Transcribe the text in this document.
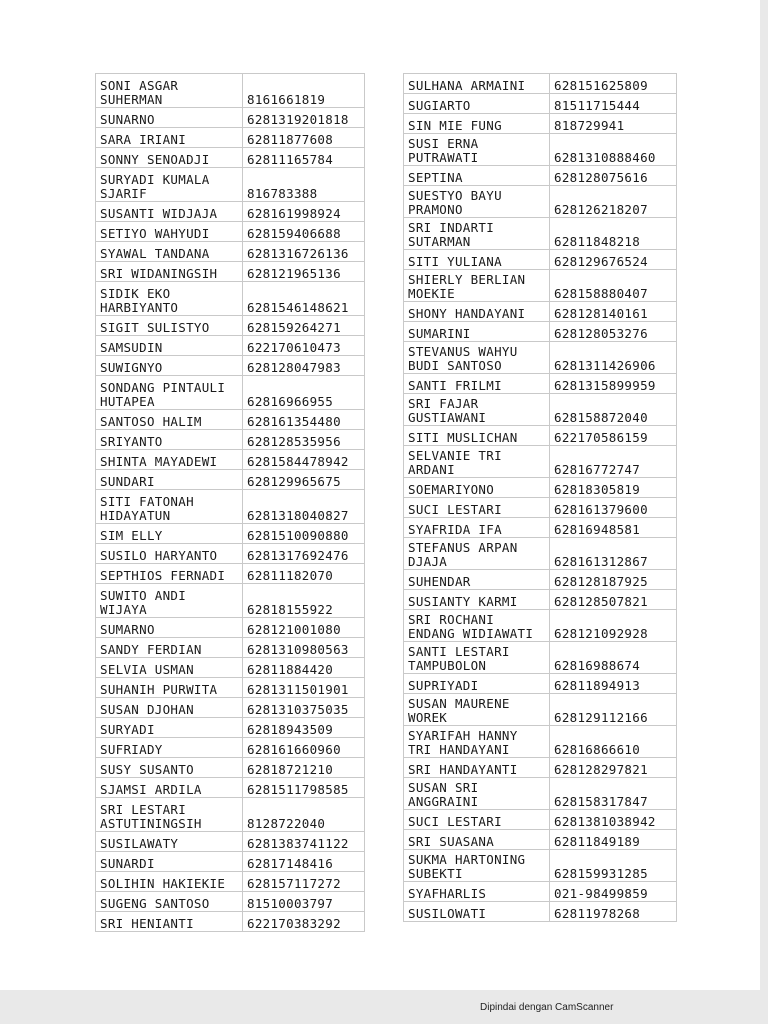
SONI ASGAR
SUHERMAN	8161661819
SUNARNO	6281319201818
SARA IRIANI	62811877608
SONNY SENOADJI	62811165784
SURYADI KUMALA
SJARIF	816783388
SUSANTI WIDJAJA	628161998924
SETIYO WAHYUDI	628159406688
SYAWAL TANDANA	6281316726136
SRI WIDANINGSIH	628121965136
SIDIK EKO
HARBIYANTO	6281546148621
SIGIT SULISTYO	628159264271
SAMSUDIN	622170610473
SUWIGNYO	628128047983
SONDANG PINTAULI
HUTAPEA	62816966955
SANTOSO HALIM	628161354480
SRIYANTO	628128535956
SHINTA MAYADEWI	6281584478942
SUNDARI	628129965675
SITI FATONAH
HIDAYATUN	6281318040827
SIM ELLY	6281510090880
SUSILO HARYANTO	6281317692476
SEPTHIOS FERNADI	62811182070
SUWITO ANDI
WIJAYA	62818155922
SUMARNO	628121001080
SANDY FERDIAN	6281310980563
SELVIA USMAN	62811884420
SUHANIH PURWITA	6281311501901
SUSAN DJOHAN	6281310375035
SURYADI	62818943509
SUFRIADY	628161660960
SUSY SUSANTO	62818721210
SJAMSI ARDILA	6281511798585
SRI LESTARI
ASTUTININGSIH	8128722040
SUSILAWATY	6281383741122
SUNARDI	62817148416
SOLIHIN HAKIEKIE	628157117272
SUGENG SANTOSO	81510003797
SRI HENIANTI	622170383292
SULHANA ARMAINI	628151625809
SUGIARTO	81511715444
SIN MIE FUNG	818729941
SUSI ERNA
PUTRAWATI	6281310888460
SEPTINA	628128075616
SUESTYO BAYU
PRAMONO	628126218207
SRI INDARTI
SUTARMAN	62811848218
SITI YULIANA	628129676524
SHIERLY BERLIAN
MOEKIE	628158880407
SHONY HANDAYANI	628128140161
SUMARINI	628128053276
STEVANUS WAHYU
BUDI SANTOSO	6281311426906
SANTI FRILMI	6281315899959
SRI FAJAR
GUSTIAWANI	628158872040
SITI MUSLICHAN	622170586159
SELVANIE TRI
ARDANI	62816772747
SOEMARIYONO	62818305819
SUCI LESTARI	628161379600
SYAFRIDA IFA	62816948581
STEFANUS ARPAN
DJAJA	628161312867
SUHENDAR	628128187925
SUSIANTY KARMI	628128507821
SRI ROCHANI
ENDANG WIDIAWATI	628121092928
SANTI LESTARI
TAMPUBOLON	62816988674
SUPRIYADI	62811894913
SUSAN MAURENE
WOREK	628129112166
SYARIFAH HANNY
TRI HANDAYANI	62816866610
SRI HANDAYANTI	628128297821
SUSAN SRI
ANGGRAINI	628158317847
SUCI LESTARI	6281381038942
SRI SUASANA	62811849189
SUKMA HARTONING
SUBEKTI	628159931285
SYAFHARLIS	021-98499859
SUSILOWATI	62811978268
Dipindai dengan CamScanner
